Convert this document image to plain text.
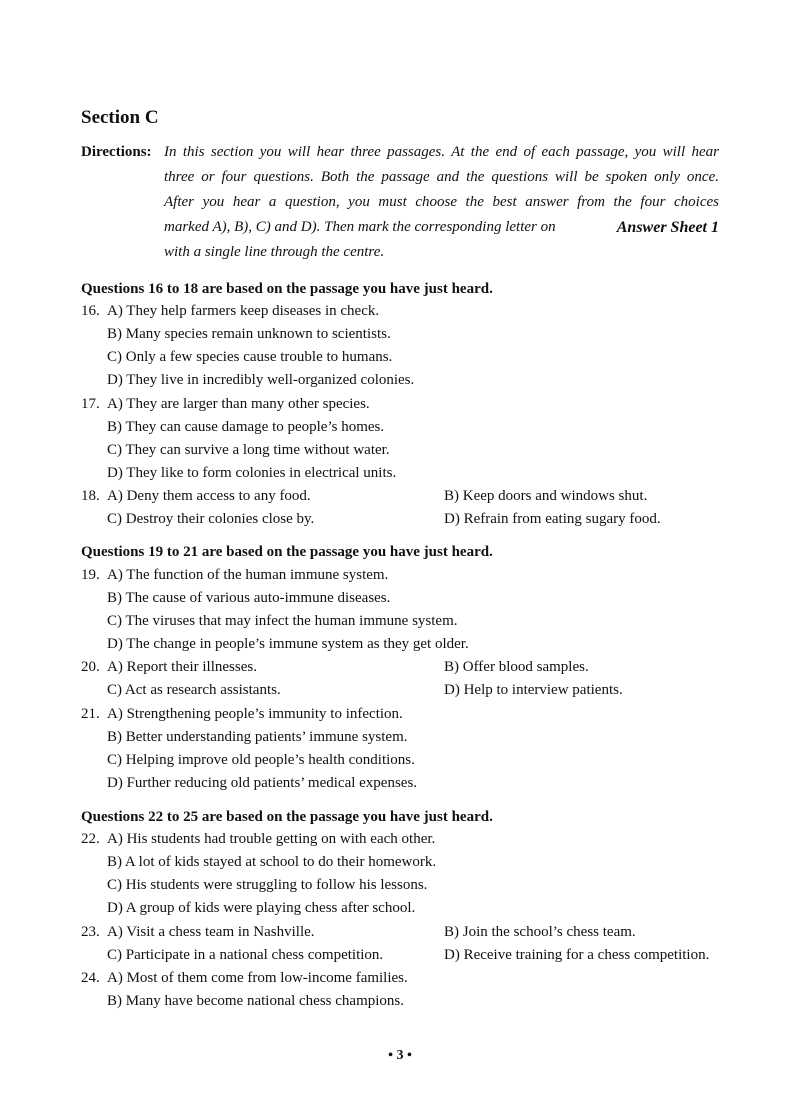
Section C
Directions: In this section you will hear three passages. At the end of each passage, you will hear
three or four questions. Both the passage and the questions will be spoken only once.
After you hear a question, you must choose the best answer from the four choices
marked A), B), C) and D). Then mark the corresponding letter on	Answer Sheet 1
with a single line through the centre.
Questions 16 to 18 are based on the passage you have just heard.
16. A) They help farmers keep diseases in check.
B) Many species remain unknown to scientists.
C) Only a few species cause trouble to humans.
D) They live in incredibly well-organized colonies.
17. A) They are larger than many other species.
B) They can cause damage to people’s homes.
C) They can survive a long time without water.
D) They like to form colonies in electrical units.
18. A) Deny them access to any food.	B) Keep doors and windows shut.
C) Destroy their colonies close by.	D) Refrain from eating sugary food.
Questions 19 to 21 are based on the passage you have just heard.
19. A) The function of the human immune system.
B) The cause of various auto-immune diseases.
C) The viruses that may infect the human immune system.
D) The change in people’s immune system as they get older.
20. A) Report their illnesses.	B) Offer blood samples.
C) Act as research assistants.	D) Help to interview patients.
21. A) Strengthening people’s immunity to infection.
B) Better understanding patients’ immune system.
C) Helping improve old people’s health conditions.
D) Further reducing old patients’ medical expenses.
Questions 22 to 25 are based on the passage you have just heard.
22. A) His students had trouble getting on with each other.
B) A lot of kids stayed at school to do their homework.
C) His students were struggling to follow his lessons.
D) A group of kids were playing chess after school.
23. A) Visit a chess team in Nashville.	B) Join the school’s chess team.
C) Participate in a national chess competition.	D) Receive training for a chess competition.
24. A) Most of them come from low-income families.
B) Many have become national chess champions.
• 3 •
